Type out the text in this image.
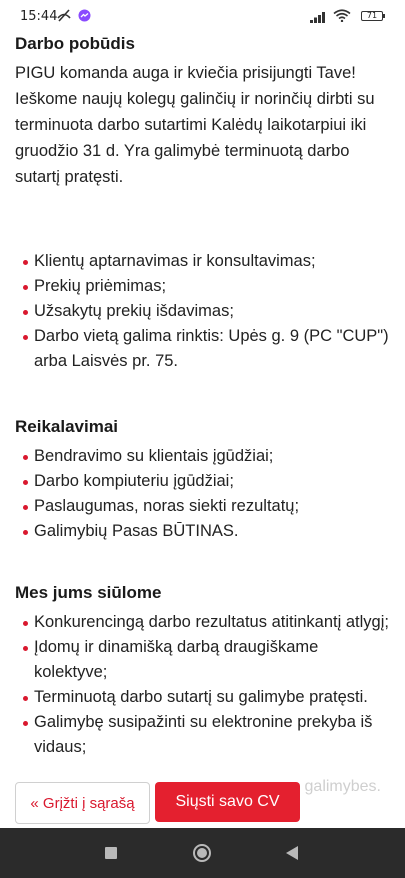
15:44	71
Darbo pobūdis

PIGU komanda auga ir kviečia prisijungti Tave! Ieškome naujų kolegų galinčių ir norinčių dirbti su terminuota darbo sutartimi Kalėdų laikotarpiui iki gruodžio 31 d. Yra galimybė terminuotą darbo sutartį pratęsti.

Klientų aptarnavimas ir konsultavimas;
Prekių priėmimas;
Užsakytų prekių išdavimas;
Darbo vietą galima rinktis: Upės g. 9 (PC "CUP") arba Laisvės pr. 75.
Reikalavimai
Bendravimo su klientais įgūdžiai;
Darbo kompiuteriu įgūdžiai;
Paslaugumas, noras siekti rezultatų;
Galimybių Pasas BŪTINAS.
Mes jums siūlome
Konkurencingą darbo rezultatus atitinkantį atlygį;
Įdomų ir dinamišką darbą draugiškame kolektyve;
Terminuotą darbo sutartį su galimybe pratęsti.
Galimybę susipažinti su elektronine prekyba iš vidaus;
galimybes.
« Grįžti į sąrašą	Siųsti savo CV
